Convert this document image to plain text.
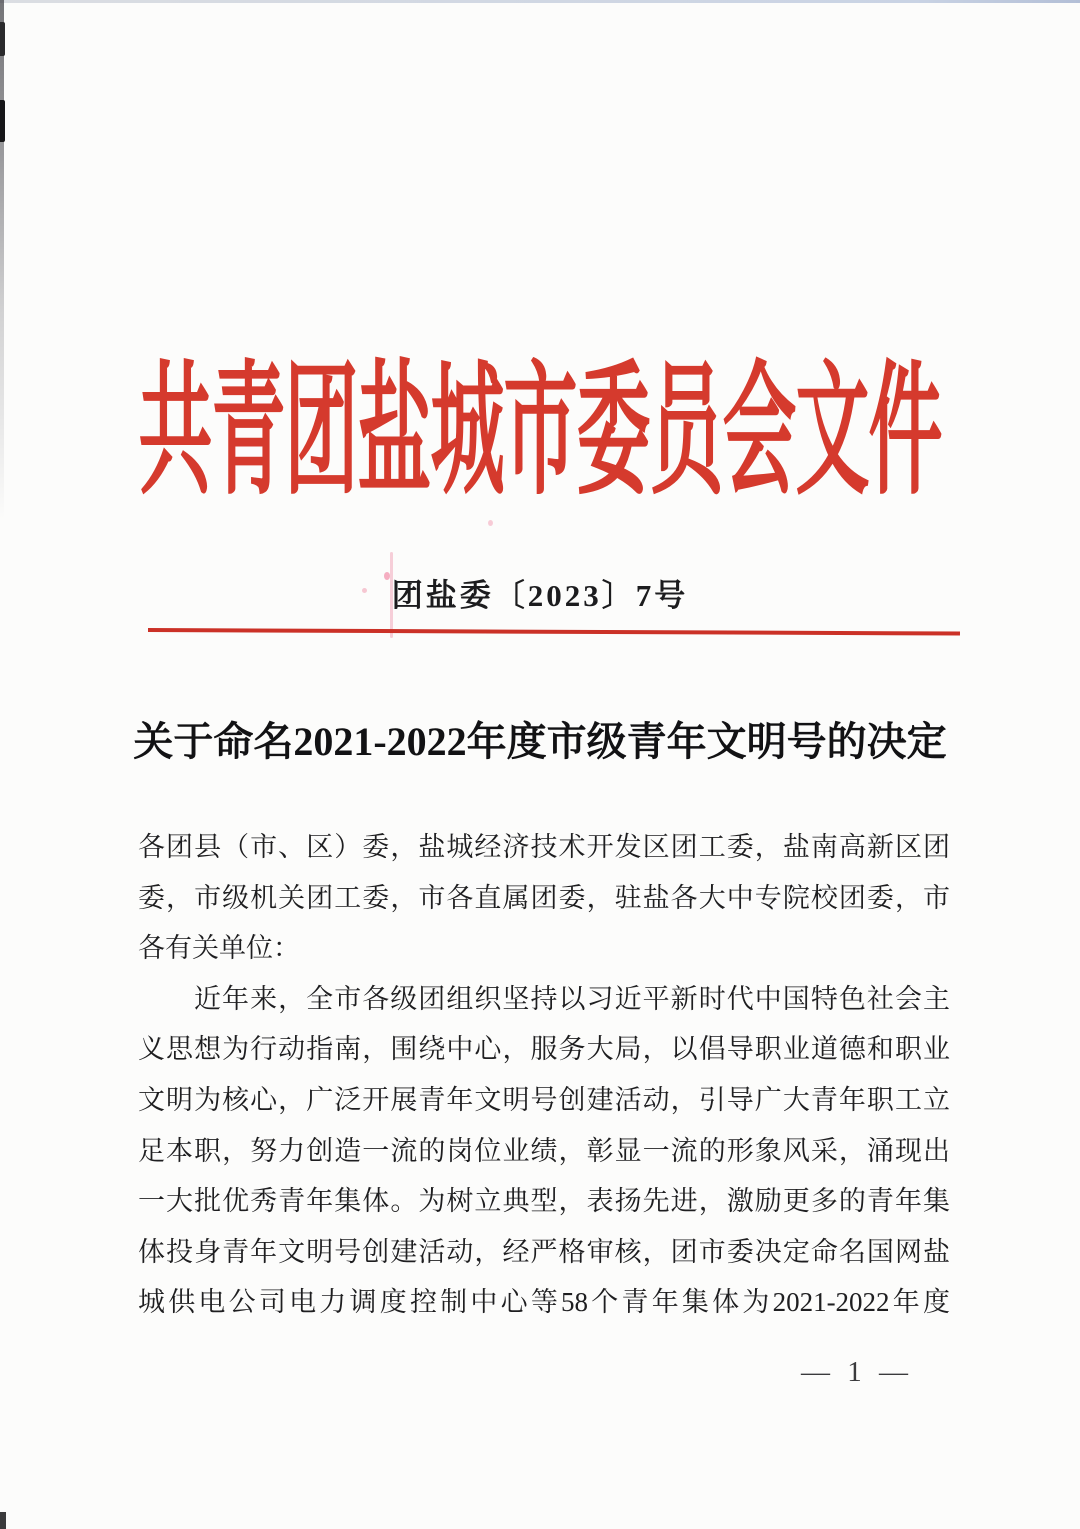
共青团盐城市委员会文件
团盐委〔2023〕7号
关于命名2021-2022年度市级青年文明号的决定
各团县（市、区）委，盐城经济技术开发区团工委，盐南高新区团
委，市级机关团工委，市各直属团委，驻盐各大中专院校团委，市
各有关单位：
近年来，全市各级团组织坚持以习近平新时代中国特色社会主
义思想为行动指南，围绕中心，服务大局，以倡导职业道德和职业
文明为核心，广泛开展青年文明号创建活动，引导广大青年职工立
足本职，努力创造一流的岗位业绩，彰显一流的形象风采，涌现出
一大批优秀青年集体。为树立典型，表扬先进，激励更多的青年集
体投身青年文明号创建活动，经严格审核，团市委决定命名国网盐
城供电公司电力调度控制中心等58个青年集体为2021-2022年度
— 1 —
